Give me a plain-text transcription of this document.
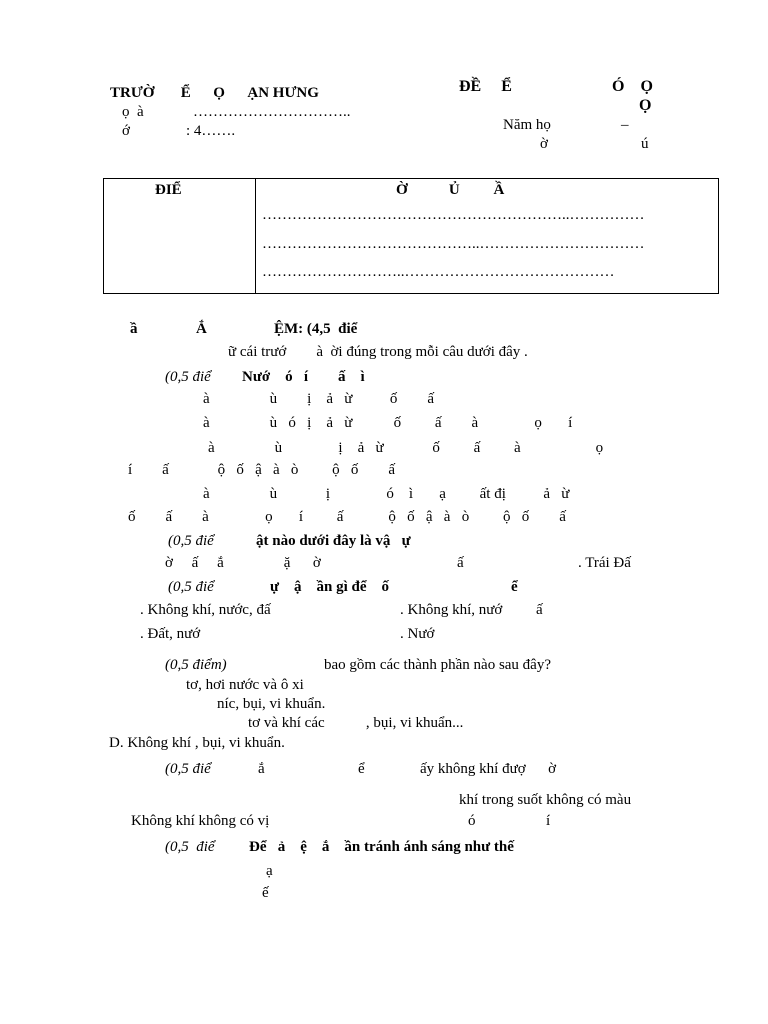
TRƯỜ       Ể      Ọ      ẠN HƯNG
ọ  à	…………………………..
ớ	: 4…….
ĐỀ     Ể	Ó    Ọ
Ọ
Năm họ	–
ờ	ú
ĐIỂ	Ờ           Ủ         Ầ
……………………………………………………..……………
……………………………………..……………………………
………………………..……………………………………
ầ	Ắ	ỆM: (4,5  điể
ữ cái trướ        à  ời đúng trong mỗi câu dưới đây .
(0,5 điể Nướ    ó   í        ấ    ì
à                ù        ị    ả   ừ          ố        ấ
à                ù   ó   ị    ả   ừ           ố         ấ        à               ọ       í
à                ù               ị    ả   ừ             ố         ấ         à                    ọ
í        ấ             ộ   ố   ậ   à   ò         ộ   ố        ấ
à                ù             ị               ó    ì       ạ         ất đị          ả   ừ
ố        ấ        à               ọ       í         ấ            ộ   ố   ậ   à   ò         ộ   ố        ấ
(0,5 điể	ật nào dưới đây là vậ   ự
ờ     ấ     ắ                ặ      ờ	ấ	. Trái Đấ
(0,5 điể	ự    ậ    ần gì để    ố	ể
. Không khí, nước, đấ	. Không khí, nướ         ấ
. Đất, nướ	. Nướ
(0,5 điểm)	bao gồm các thành phần nào sau đây?
tơ, hơi nước và ô xi
níc, bụi, vi khuẩn.
tơ và khí các           , bụi, vi khuẩn...
D. Không khí , bụi, vi khuẩn.
(0,5 điể	ắ	ể	ấy không khí đượ      ờ
khí trong suốt không có màu
Không khí không có vị	ó	í
(0,5  điể Để   ả    ệ    ắ    ần tránh ánh sáng như thế
ạ
ế
